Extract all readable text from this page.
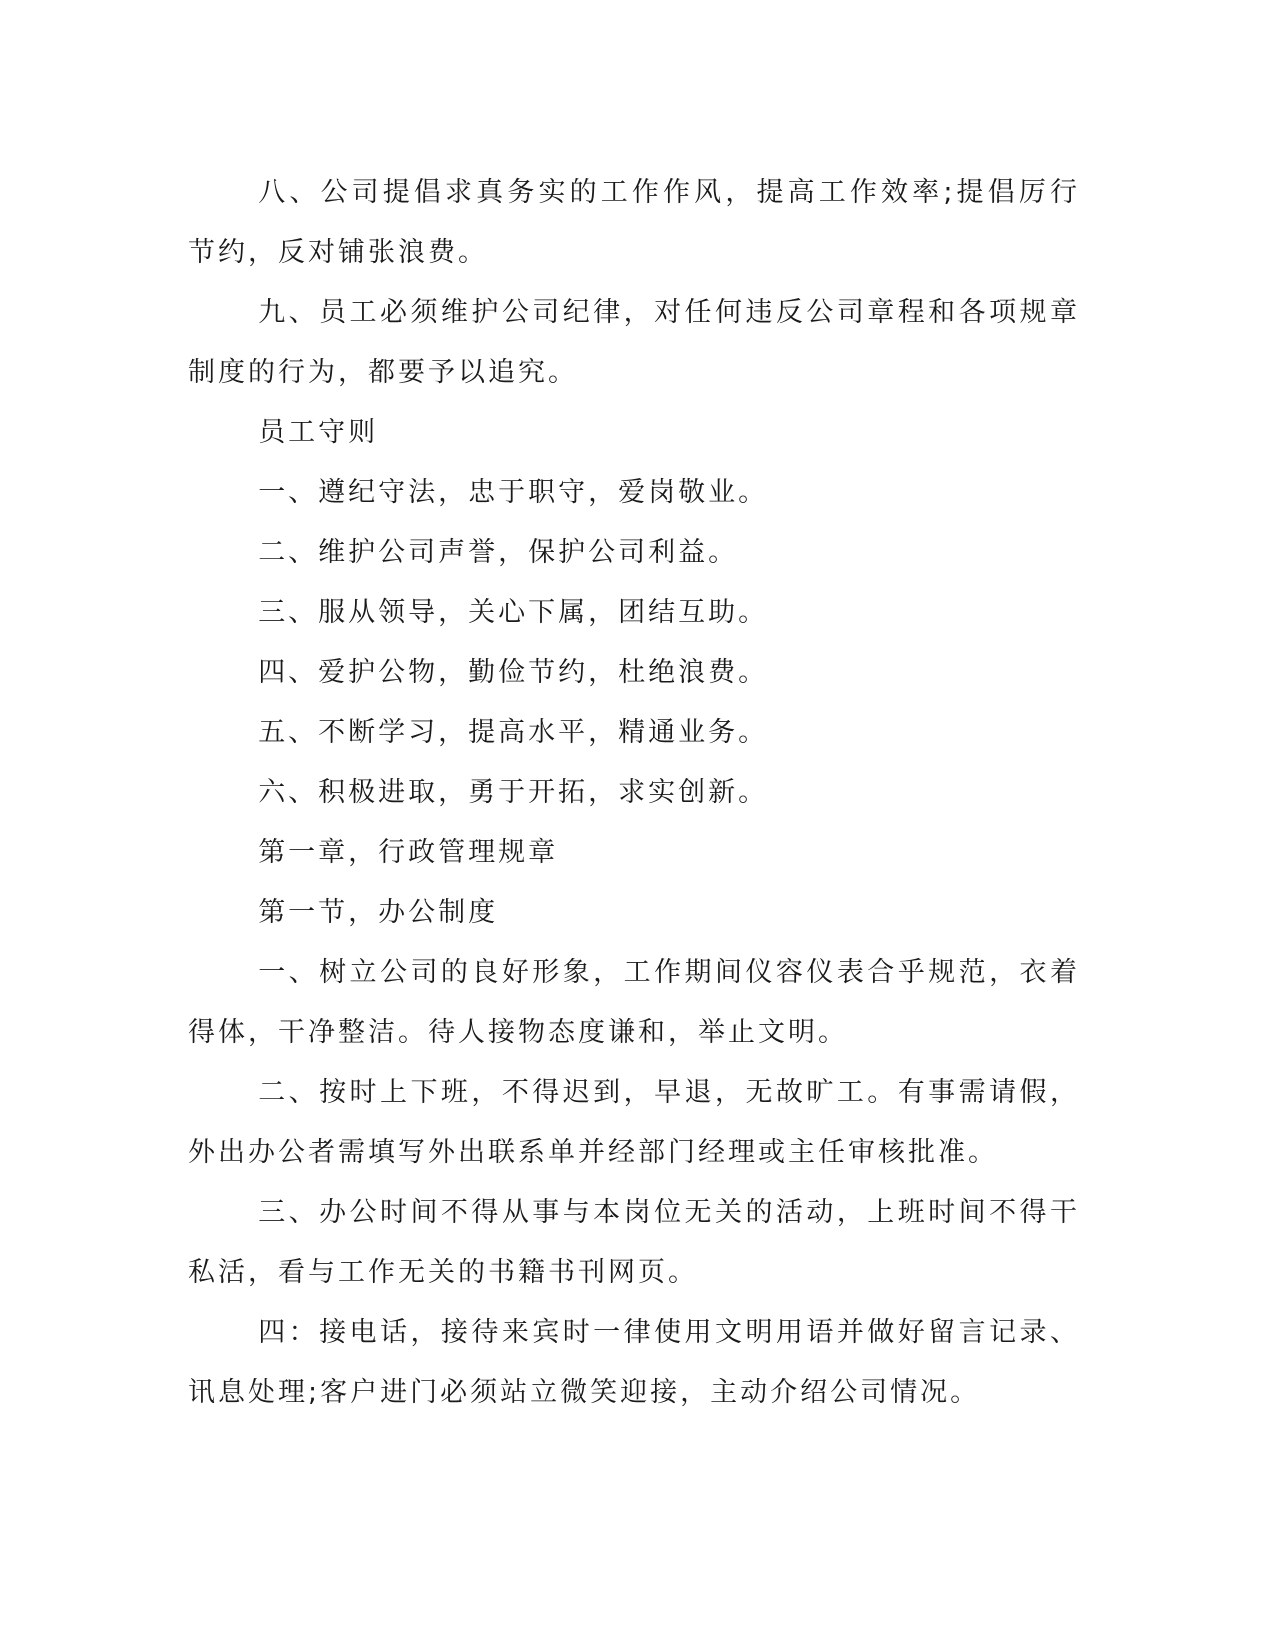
八、公司提倡求真务实的工作作风，提高工作效率;提倡厉行节约，反对铺张浪费。

九、员工必须维护公司纪律，对任何违反公司章程和各项规章制度的行为，都要予以追究。

员工守则

一、遵纪守法，忠于职守，爱岗敬业。

二、维护公司声誉，保护公司利益。

三、服从领导，关心下属，团结互助。

四、爱护公物，勤俭节约，杜绝浪费。

五、不断学习，提高水平，精通业务。

六、积极进取，勇于开拓，求实创新。

第一章，行政管理规章

第一节，办公制度

一、树立公司的良好形象，工作期间仪容仪表合乎规范，衣着得体，干净整洁。待人接物态度谦和，举止文明。

二、按时上下班，不得迟到，早退，无故旷工。有事需请假，外出办公者需填写外出联系单并经部门经理或主任审核批准。

三、办公时间不得从事与本岗位无关的活动，上班时间不得干私活，看与工作无关的书籍书刊网页。

四：接电话，接待来宾时一律使用文明用语并做好留言记录、讯息处理;客户进门必须站立微笑迎接，主动介绍公司情况。
